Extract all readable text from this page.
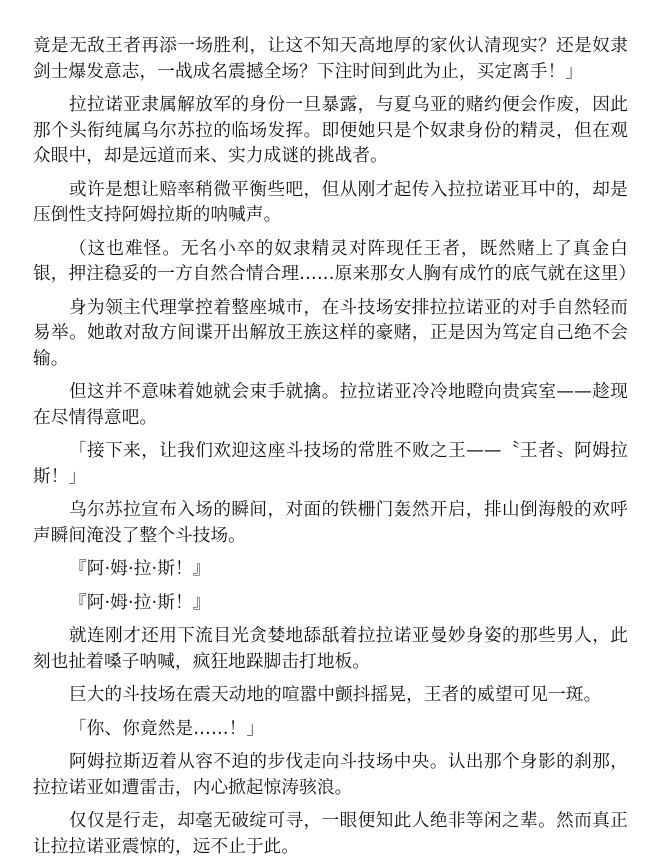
竟是无敌王者再添一场胜利，让这不知天高地厚的家伙认清现实？还是奴隶剑士爆发意志，一战成名震撼全场？下注时间到此为止，买定离手！」

拉拉诺亚隶属解放军的身份一旦暴露，与夏乌亚的赌约便会作废，因此那个头衔纯属乌尔苏拉的临场发挥。即便她只是个奴隶身份的精灵，但在观众眼中，却是远道而来、实力成谜的挑战者。

或许是想让赔率稍微平衡些吧，但从刚才起传入拉拉诺亚耳中的，却是压倒性支持阿姆拉斯的呐喊声。

（这也难怪。无名小卒的奴隶精灵对阵现任王者，既然赌上了真金白银，押注稳妥的一方自然合情合理……原来那女人胸有成竹的底气就在这里）

身为领主代理掌控着整座城市，在斗技场安排拉拉诺亚的对手自然轻而易举。她敢对敌方间谍开出解放王族这样的豪赌，正是因为笃定自己绝不会输。

但这并不意味着她就会束手就擒。拉拉诺亚冷冷地瞪向贵宾室——趁现在尽情得意吧。

「接下来，让我们欢迎这座斗技场的常胜不败之王——〝王者〟阿姆拉斯！」

乌尔苏拉宣布入场的瞬间，对面的铁栅门轰然开启，排山倒海般的欢呼声瞬间淹没了整个斗技场。

『阿·姆·拉·斯！』

『阿·姆·拉·斯！』

就连刚才还用下流目光贪婪地舔舐着拉拉诺亚曼妙身姿的那些男人，此刻也扯着嗓子呐喊，疯狂地跺脚击打地板。

巨大的斗技场在震天动地的喧嚣中颤抖摇晃，王者的威望可见一斑。

「你、你竟然是……！」

阿姆拉斯迈着从容不迫的步伐走向斗技场中央。认出那个身影的刹那，拉拉诺亚如遭雷击，内心掀起惊涛骇浪。

仅仅是行走，却毫无破绽可寻，一眼便知此人绝非等闲之辈。然而真正让拉拉诺亚震惊的，远不止于此。
